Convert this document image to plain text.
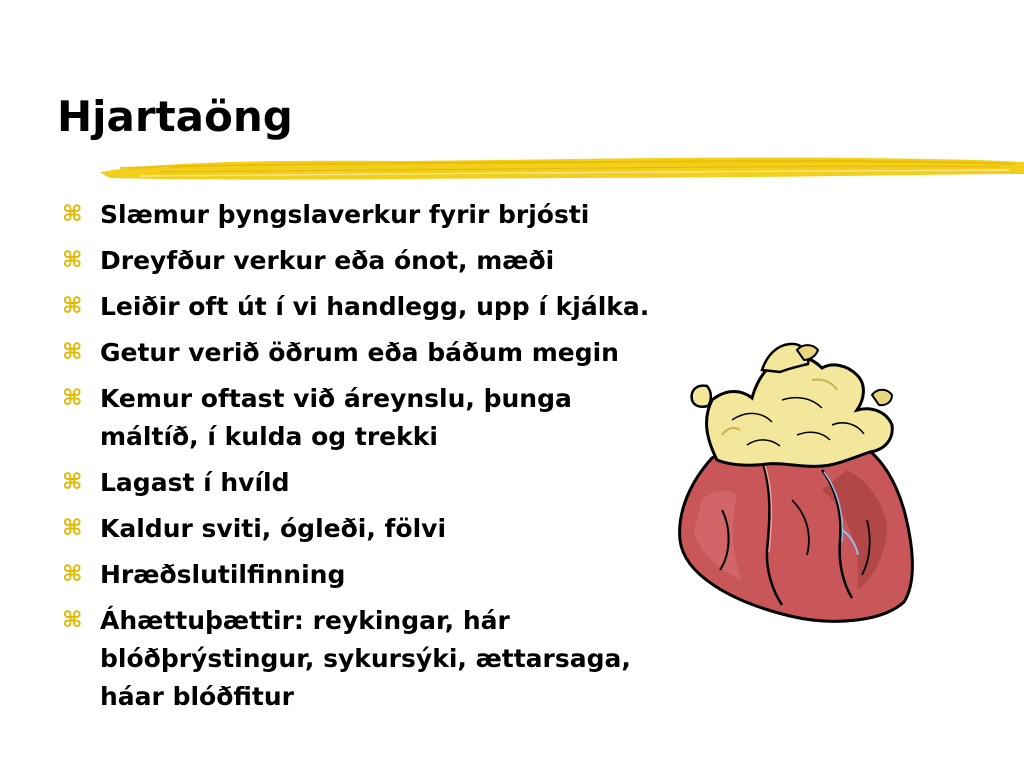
Hjartaöng
⌘ Slæmur þyngslaverkur fyrir brjósti
⌘ Dreyfður verkur eða ónot, mæði
⌘ Leiðir oft út í vi handlegg, upp í kjálka.
⌘ Getur verið öðrum eða báðum megin
⌘ Kemur oftast við áreynslu, þunga máltíð, í kulda og trekki
⌘ Lagast í hvíld
⌘ Kaldur sviti, ógleði, fölvi
⌘ Hræðslutilfinning
⌘ Áhættuþættir: reykingar, hár blóðþrýstingur, sykursýki, ættarsaga, háar blóðfitur
